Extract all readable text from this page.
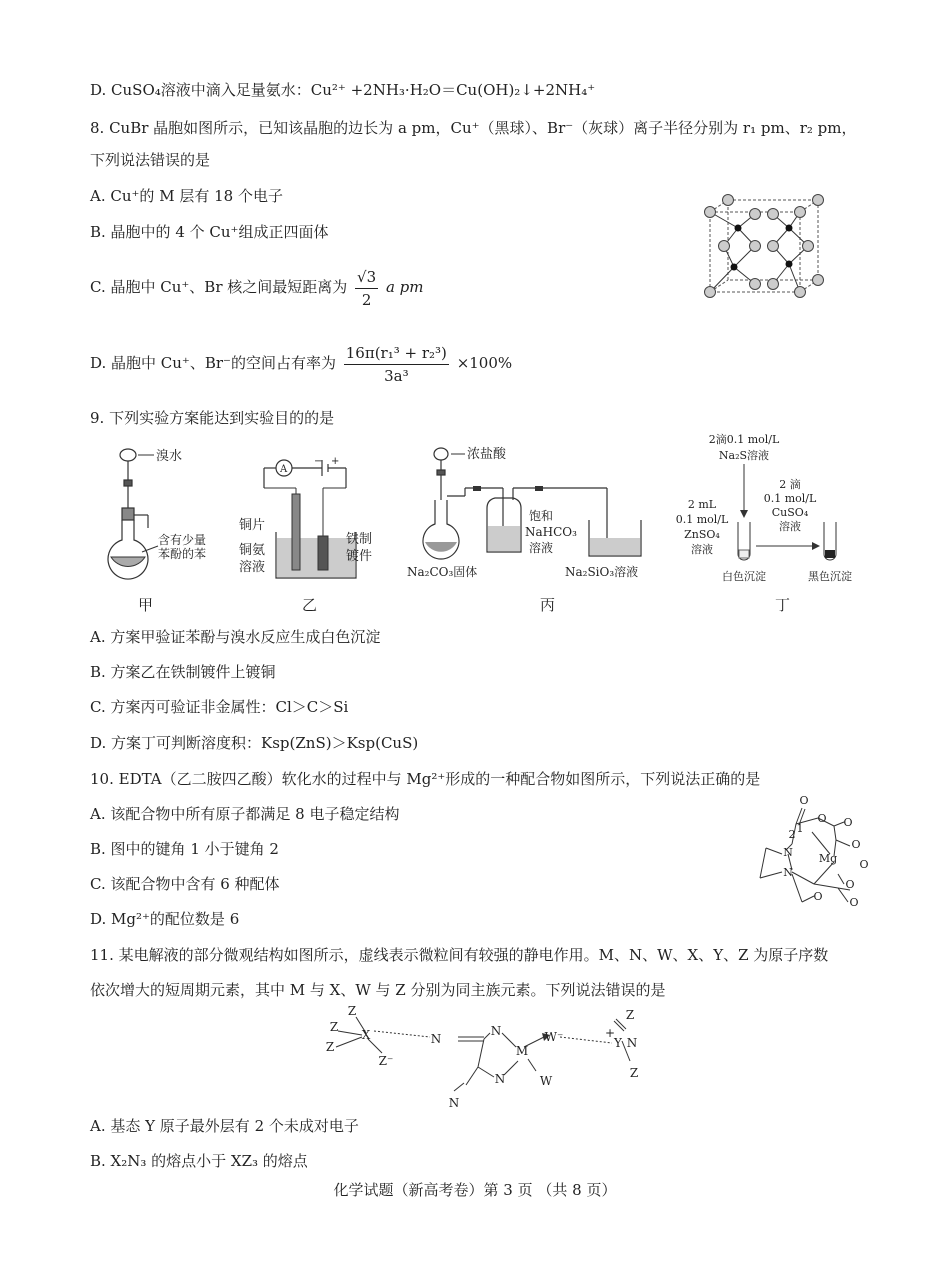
D. CuSO₄溶液中滴入足量氨水：Cu²⁺ +2NH₃·H₂O＝Cu(OH)₂↓+2NH₄⁺
8. CuBr 晶胞如图所示，已知该晶胞的边长为 a pm，Cu⁺（黑球）、Br⁻（灰球）离子半径分别为 r₁ pm、r₂ pm，
下列说法错误的是
A. Cu⁺的 M 层有 18 个电子
B. 晶胞中的 4 个 Cu⁺组成正四面体
C. 晶胞中 Cu⁺、Br 核之间最短距离为 $\frac{√3}{2}$ a pm
D. 晶胞中 Cu⁺、Br⁻的空间占有率为 $\frac{\text{16π(r₁³ + r₂³)}}{\text{3a³}} \times 100\%$
9. 下列实验方案能达到实验目的的是
溴水
含有少量
苯酚的苯
甲
A
− +
铜片
铜氨
溶液
铁制
镀件
乙
浓盐酸
饱和
NaHCO₃
溶液
Na₂CO₃固体	Na₂SiO₃溶液
丙
2滴0.1 mol/L
Na₂S溶液
2 mL
0.1 mol/L
ZnSO₄
溶液
2 滴
0.1 mol/L
CuSO₄
溶液
白色沉淀	黑色沉淀
丁
A. 方案甲验证苯酚与溴水反应生成白色沉淀
B. 方案乙在铁制镀件上镀铜
C. 方案丙可验证非金属性：Cl＞C＞Si
D. 方案丁可判断溶度积：Ksp(ZnS)＞Ksp(CuS)
10. EDTA（乙二胺四乙酸）软化水的过程中与 Mg²⁺形成的一种配合物如图所示，下列说法正确的是
A. 该配合物中所有原子都满足 8 电子稳定结构
B. 图中的键角 1 小于键角 2
C. 该配合物中含有 6 种配体
D. Mg²⁺的配位数是 6
O
O O
O
N
N
Mg O
O
O
O
2 1
11. 某电解液的部分微观结构如图所示，虚线表示微粒间有较强的静电作用。M、N、W、X、Y、Z 为原子序数
依次增大的短周期元素，其中 M 与 X、W 与 Z 分别为同主族元素。下列说法错误的是
Z
Z
Z
X
Z⁻
N
N
M
N
N
W
W⁻	Y
+
Z
Z
N
A. 基态 Y 原子最外层有 2 个未成对电子
B. X₂N₃ 的熔点小于 XZ₃ 的熔点
化学试题（新高考卷）第 3 页 （共 8 页）
